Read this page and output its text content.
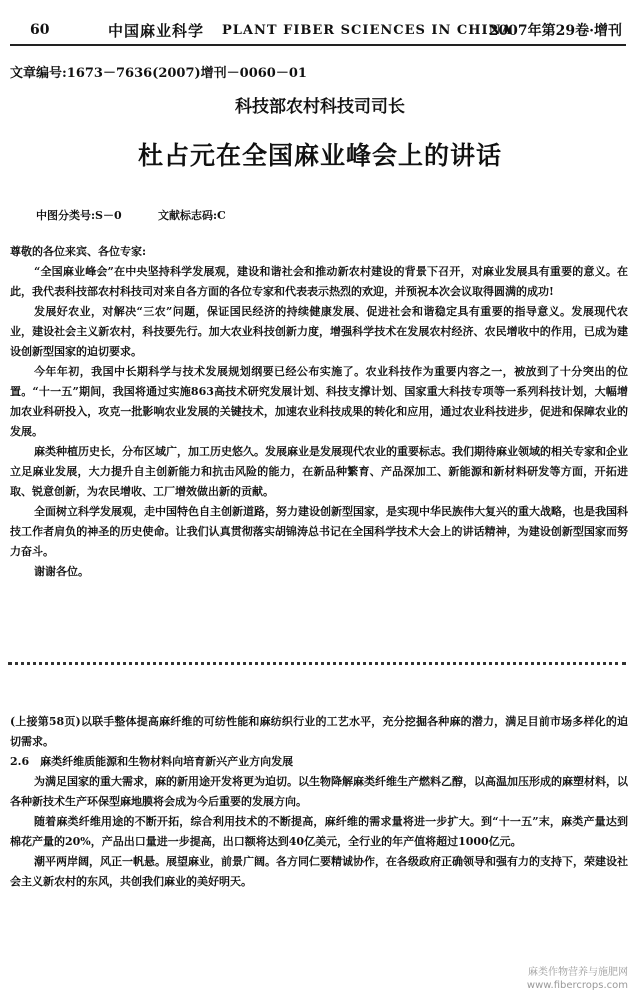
60	中国麻业科学 PLANT FIBER SCIENCES IN CHINA
2007年第29卷·增刊
文章编号:1673－7636(2007)增刊－0060－01
科技部农村科技司司长
杜占元在全国麻业峰会上的讲话
中图分类号:S－0	文献标志码:C

尊敬的各位来宾、各位专家:

“全国麻业峰会”在中央坚持科学发展观，建设和谐社会和推动新农村建设的背景下召开，对麻业发展具有重要的意义。在此，我代表科技部农村科技司对来自各方面的各位专家和代表表示热烈的欢迎，并预祝本次会议取得圆满的成功!

发展好农业，对解决“三农”问题，保证国民经济的持续健康发展、促进社会和谐稳定具有重要的指导意义。发展现代农业，建设社会主义新农村，科技要先行。加大农业科技创新力度，增强科学技术在发展农村经济、农民增收中的作用，已成为建设创新型国家的迫切要求。

今年年初，我国中长期科学与技术发展规划纲要已经公布实施了。农业科技作为重要内容之一，被放到了十分突出的位置。“十一五”期间，我国将通过实施863高技术研究发展计划、科技支撑计划、国家重大科技专项等一系列科技计划，大幅增加农业科研投入，攻克一批影响农业发展的关键技术，加速农业科技成果的转化和应用，通过农业科技进步，促进和保障农业的发展。

麻类种植历史长，分布区域广，加工历史悠久。发展麻业是发展现代农业的重要标志。我们期待麻业领域的相关专家和企业立足麻业发展，大力提升自主创新能力和抗击风险的能力，在新品种繁育、产品深加工、新能源和新材料研发等方面，开拓进取、锐意创新，为农民增收、工厂增效做出新的贡献。

全面树立科学发展观，走中国特色自主创新道路，努力建设创新型国家，是实现中华民族伟大复兴的重大战略，也是我国科技工作者肩负的神圣的历史使命。让我们认真贯彻落实胡锦涛总书记在全国科学技术大会上的讲话精神，为建设创新型国家而努力奋斗。

谢谢各位。

(上接第58页)以联手整体提高麻纤维的可纺性能和麻纺织行业的工艺水平，充分挖掘各种麻的潜力，满足目前市场多样化的迫切需求。

2.6　麻类纤维质能源和生物材料向培育新兴产业方向发展

为满足国家的重大需求，麻的新用途开发将更为迫切。以生物降解麻类纤维生产燃料乙醇，以高温加压形成的麻塑材料，以各种新技术生产环保型麻地膜将会成为今后重要的发展方向。

随着麻类纤维用途的不断开拓，综合利用技术的不断提高，麻纤维的需求量将进一步扩大。到“十一五”末，麻类产量达到棉花产量的20%，产品出口量进一步提高，出口额将达到40亿美元，全行业的年产值将超过1000亿元。

潮平两岸阔，风正一帆悬。展望麻业，前景广阔。各方同仁要精诚协作，在各级政府正确领导和强有力的支持下，荣建设社会主义新农村的东风，共创我们麻业的美好明天。

麻类作物营养与施肥网
www.fibercrops.com
